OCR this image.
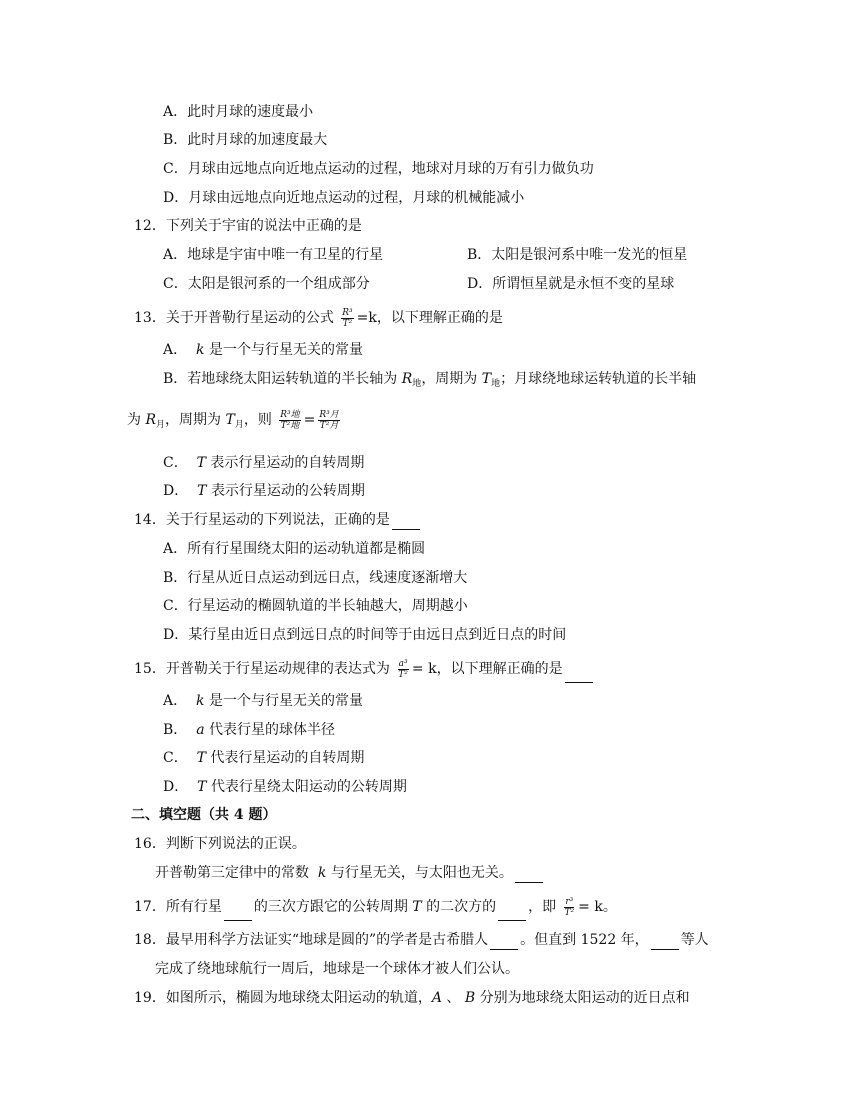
A．此时月球的速度最小
B．此时月球的加速度最大
C．月球由远地点向近地点运动的过程，地球对月球的万有引力做负功
D．月球由远地点向近地点运动的过程，月球的机械能减小
12．下列关于宇宙的说法中正确的是
A．地球是宇宙中唯一有卫星的行星	B．太阳是银河系中唯一发光的恒星
C．太阳是银河系的一个组成部分	D．所谓恒星就是永恒不变的星球
13．关于开普勒行星运动的公式 $\frac{\text{R³}}{\text{T²}} =k$，以下理解正确的是
A． k 是一个与行星无关的常量
B．若地球绕太阳运转轨道的半长轴为 $R_地$，周期为 $T_地$；月球绕地球运转轨道的长半轴
为 $R_月$，周期为 $T_月$，则 $\frac{\text{R³地}}{\text{T²地}} = \frac{\text{R³月}}{\text{T²月}}$
C． T 表示行星运动的自转周期
D． T 表示行星运动的公转周期
14．关于行星运动的下列说法，正确的是
A．所有行星围绕太阳的运动轨道都是椭圆
B．行星从近日点运动到远日点，线速度逐渐增大
C．行星运动的椭圆轨道的半长轴越大，周期越小
D．某行星由近日点到远日点的时间等于由远日点到近日点的时间
15．开普勒关于行星运动规律的表达式为 $\frac{\text{a³}}{\text{T²}} = k$，以下理解正确的是
A． k 是一个与行星无关的常量
B． a 代表行星的球体半径
C． T 代表行星运动的自转周期
D． T 代表行星绕太阳运动的公转周期
二、填空题（共 4 题）
16．判断下列说法的正误。
开普勒第三定律中的常数 k 与行星无关，与太阳也无关。
17．所有行星 的三次方跟它的公转周期 T 的二次方的 ，即 $\frac{\text{r³}}{\text{T²}} = k$。
18．最早用科学方法证实“地球是圆的”的学者是古希腊人 。但直到 1522 年， 等人
完成了绕地球航行一周后，地球是一个球体才被人们公认。
19．如图所示，椭圆为地球绕太阳运动的轨道，A 、 B 分别为地球绕太阳运动的近日点和
